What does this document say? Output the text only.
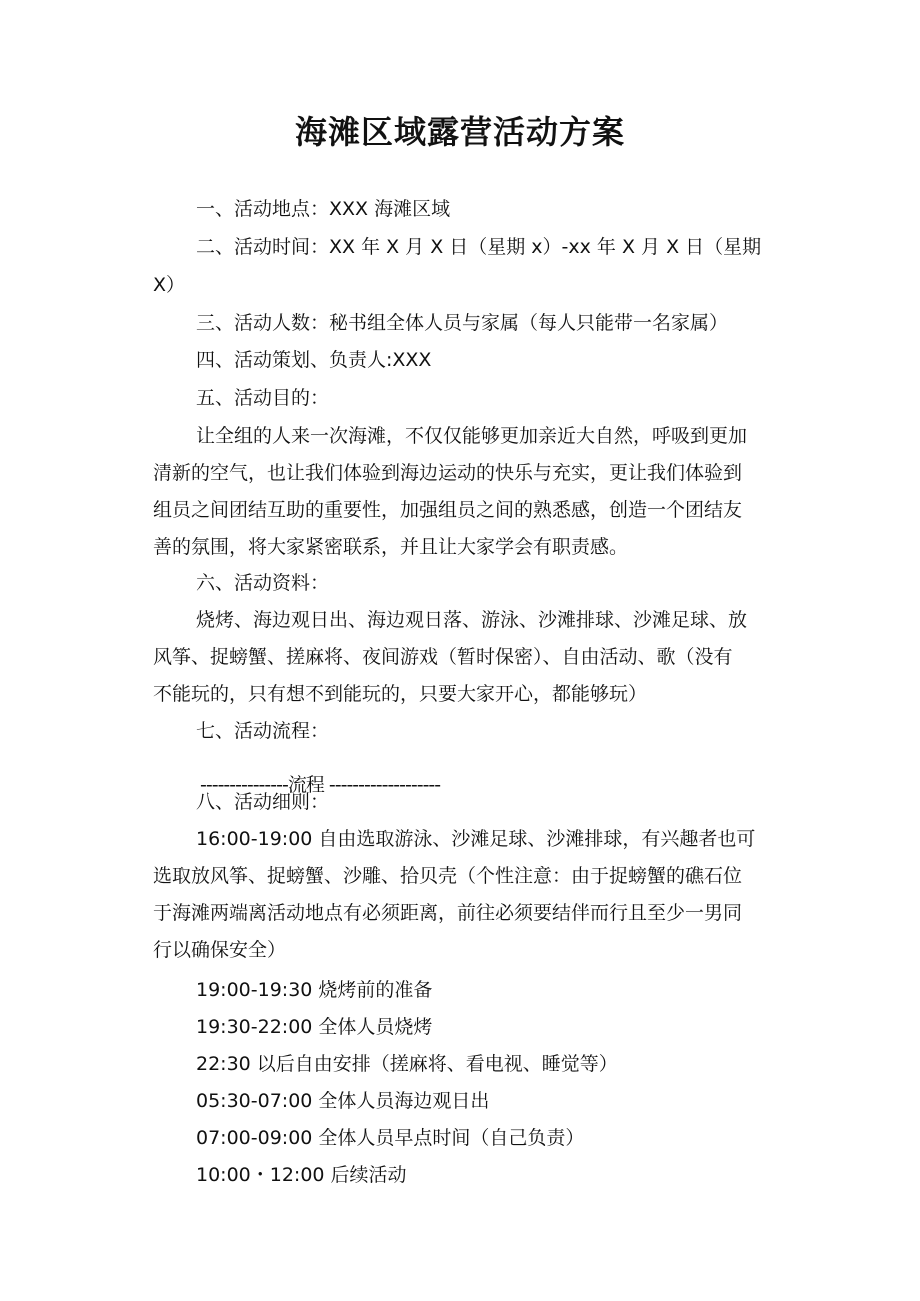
海滩区域露营活动方案

一、活动地点：XXX 海滩区域

二、活动时间：XX 年 X 月 X 日（星期 x）-xx 年 X 月 X 日（星期

X）

三、活动人数：秘书组全体人员与家属（每人只能带一名家属）

四、活动策划、负责人:XXX

五、活动目的：

让全组的人来一次海滩，不仅仅能够更加亲近大自然，呼吸到更加

清新的空气，也让我们体验到海边运动的快乐与充实，更让我们体验到

组员之间团结互助的重要性，加强组员之间的熟悉感，创造一个团结友

善的氛围，将大家紧密联系，并且让大家学会有职责感。

六、活动资料：

烧烤、海边观日出、海边观日落、游泳、沙滩排球、沙滩足球、放

风筝、捉螃蟹、搓麻将、夜间游戏（暂时保密）、自由活动、歌（没有

不能玩的，只有想不到能玩的，只要大家开心，都能够玩）

七、活动流程：

---------------流程 -------------------

八、活动细则：

16:00-19:00 自由选取游泳、沙滩足球、沙滩排球，有兴趣者也可

选取放风筝、捉螃蟹、沙雕、拾贝壳（个性注意：由于捉螃蟹的礁石位

于海滩两端离活动地点有必须距离，前往必须要结伴而行且至少一男同

行以确保安全）

19:00-19:30 烧烤前的准备

19:30-22:00 全体人员烧烤

22:30 以后自由安排（搓麻将、看电视、睡觉等）

05:30-07:00 全体人员海边观日出

07:00-09:00 全体人员早点时间（自己负责）

10:00・12:00 后续活动
